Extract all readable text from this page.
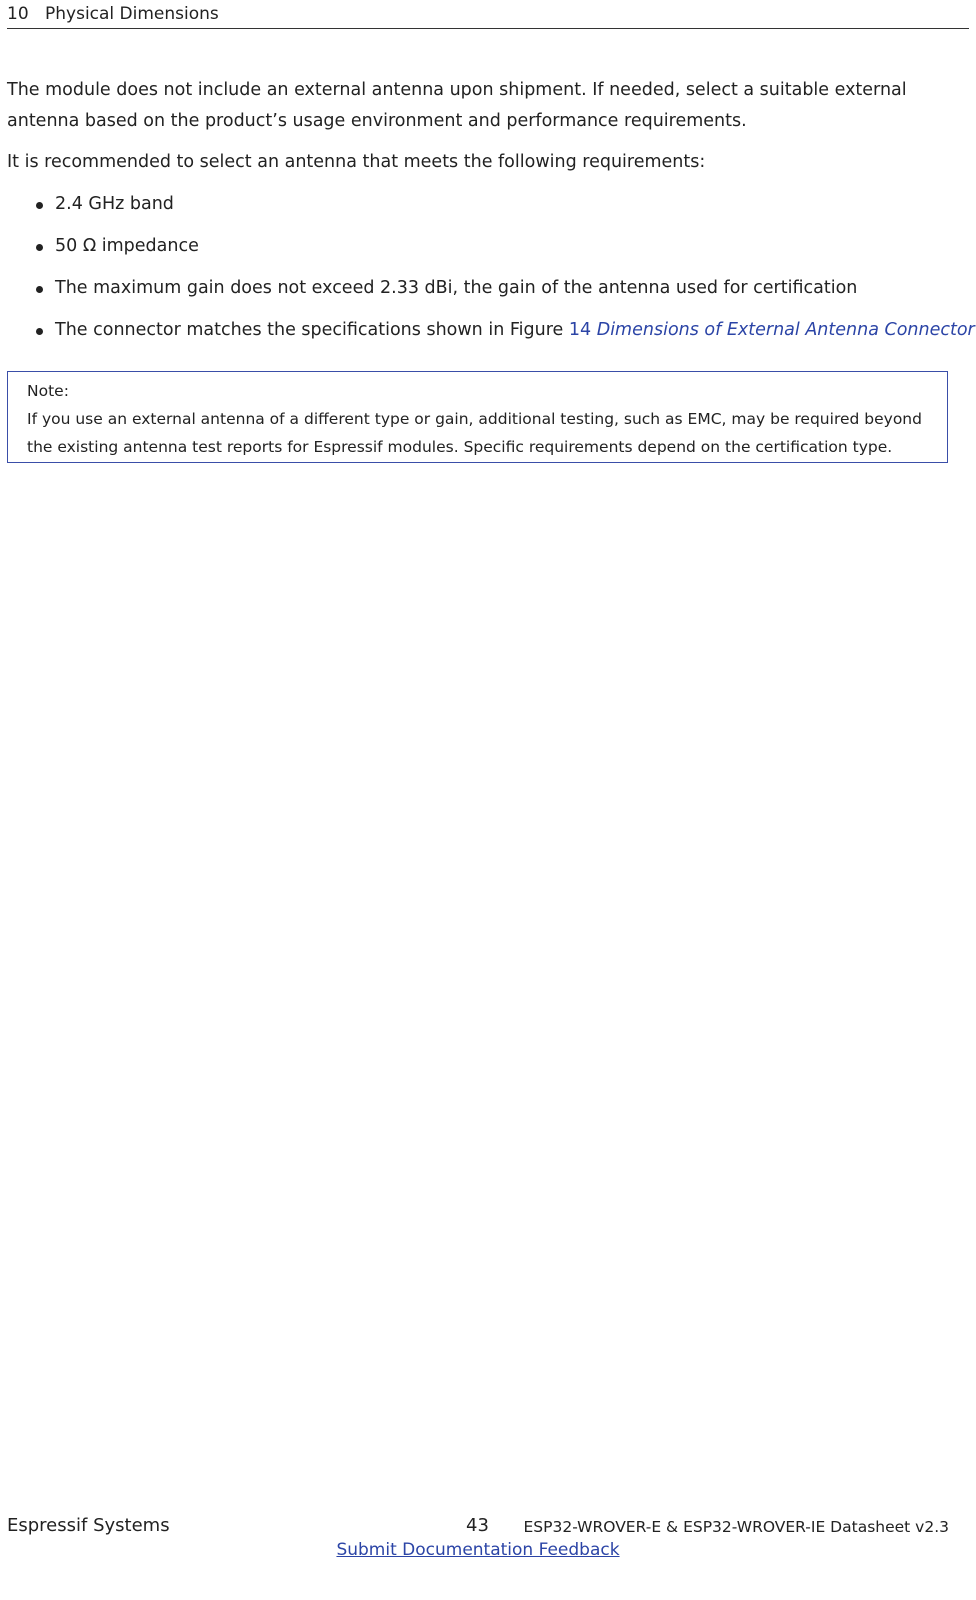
10 Physical Dimensions

The module does not include an external antenna upon shipment. If needed, select a suitable external antenna based on the product’s usage environment and performance requirements.

It is recommended to select an antenna that meets the following requirements:

2.4 GHz band
50 Ω impedance
The maximum gain does not exceed 2.33 dBi, the gain of the antenna used for certification
The connector matches the specifications shown in Figure 14 Dimensions of External Antenna Connector
Note:
If you use an external antenna of a different type or gain, additional testing, such as EMC, may be required beyond the existing antenna test reports for Espressif modules. Specific requirements depend on the certification type.
Espressif Systems	43 ESP32-WROVER-E & ESP32-WROVER-IE Datasheet v2.3
Submit Documentation Feedback
